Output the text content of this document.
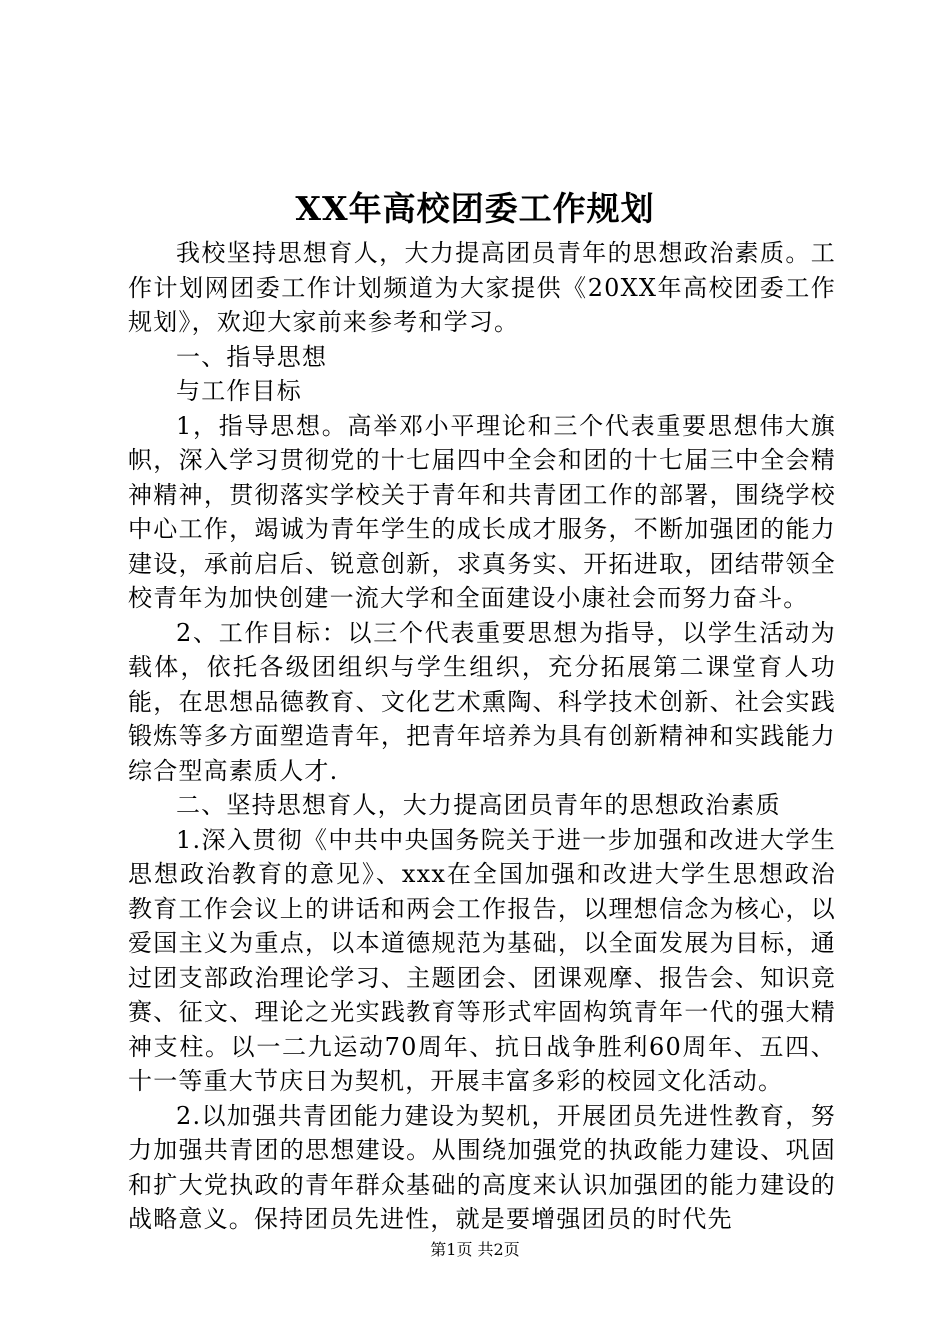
XX年高校团委工作规划

我校坚持思想育人，大力提高团员青年的思想政治素质。工作计划网团委工作计划频道为大家提供《20XX年高校团委工作规划》，欢迎大家前来参考和学习。

一、指导思想

与工作目标

1，指导思想。高举邓小平理论和三个代表重要思想伟大旗帜，深入学习贯彻党的十七届四中全会和团的十七届三中全会精神精神，贯彻落实学校关于青年和共青团工作的部署，围绕学校中心工作，竭诚为青年学生的成长成才服务，不断加强团的能力建设，承前启后、锐意创新，求真务实、开拓进取，团结带领全校青年为加快创建一流大学和全面建设小康社会而努力奋斗。

2、工作目标：以三个代表重要思想为指导，以学生活动为载体，依托各级团组织与学生组织，充分拓展第二课堂育人功能，在思想品德教育、文化艺术熏陶、科学技术创新、社会实践锻炼等多方面塑造青年，把青年培养为具有创新精神和实践能力综合型高素质人才.

二、坚持思想育人，大力提高团员青年的思想政治素质

1.深入贯彻《中共中央国务院关于进一步加强和改进大学生思想政治教育的意见》、xxx在全国加强和改进大学生思想政治教育工作会议上的讲话和两会工作报告，以理想信念为核心，以爱国主义为重点，以本道德规范为基础，以全面发展为目标，通过团支部政治理论学习、主题团会、团课观摩、报告会、知识竞赛、征文、理论之光实践教育等形式牢固构筑青年一代的强大精神支柱。以一二九运动70周年、抗日战争胜利60周年、五四、十一等重大节庆日为契机，开展丰富多彩的校园文化活动。

2.以加强共青团能力建设为契机，开展团员先进性教育，努力加强共青团的思想建设。从围绕加强党的执政能力建设、巩固和扩大党执政的青年群众基础的高度来认识加强团的能力建设的战略意义。保持团员先进性，就是要增强团员的时代先

第1页 共2页
